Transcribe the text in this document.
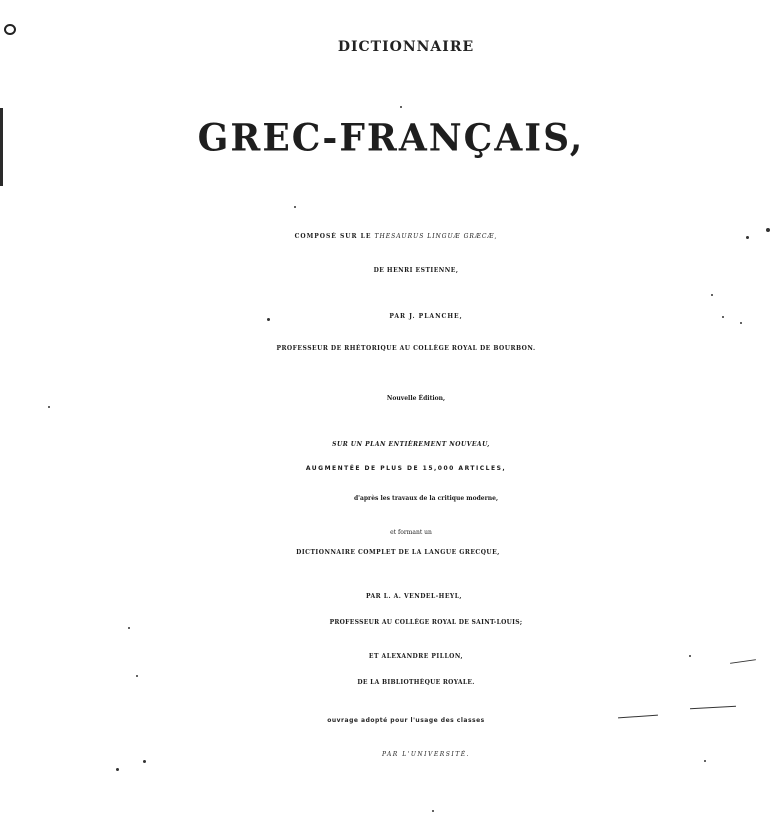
DICTIONNAIRE
GREC-FRANÇAIS,
COMPOSÉ SUR LE THESAURUS LINGUÆ GRÆCÆ,
DE HENRI ESTIENNE,
PAR J. PLANCHE,
PROFESSEUR DE RHÉTORIQUE AU COLLÈGE ROYAL DE BOURBON.
Nouvelle Édition,
SUR UN PLAN ENTIÈREMENT NOUVEAU,
AUGMENTÉE DE PLUS DE 15,000 ARTICLES,
d'après les travaux de la critique moderne,
et formant un
DICTIONNAIRE COMPLET DE LA LANGUE GRECQUE,
PAR L. A. VENDEL-HEYL,
PROFESSEUR AU COLLÉGE ROYAL DE SAINT-LOUIS;
ET ALEXANDRE PILLON,
DE LA BIBLIOTHÈQUE ROYALE.
ouvrage adopté pour l'usage des classes
PAR L'UNIVERSITÉ.
